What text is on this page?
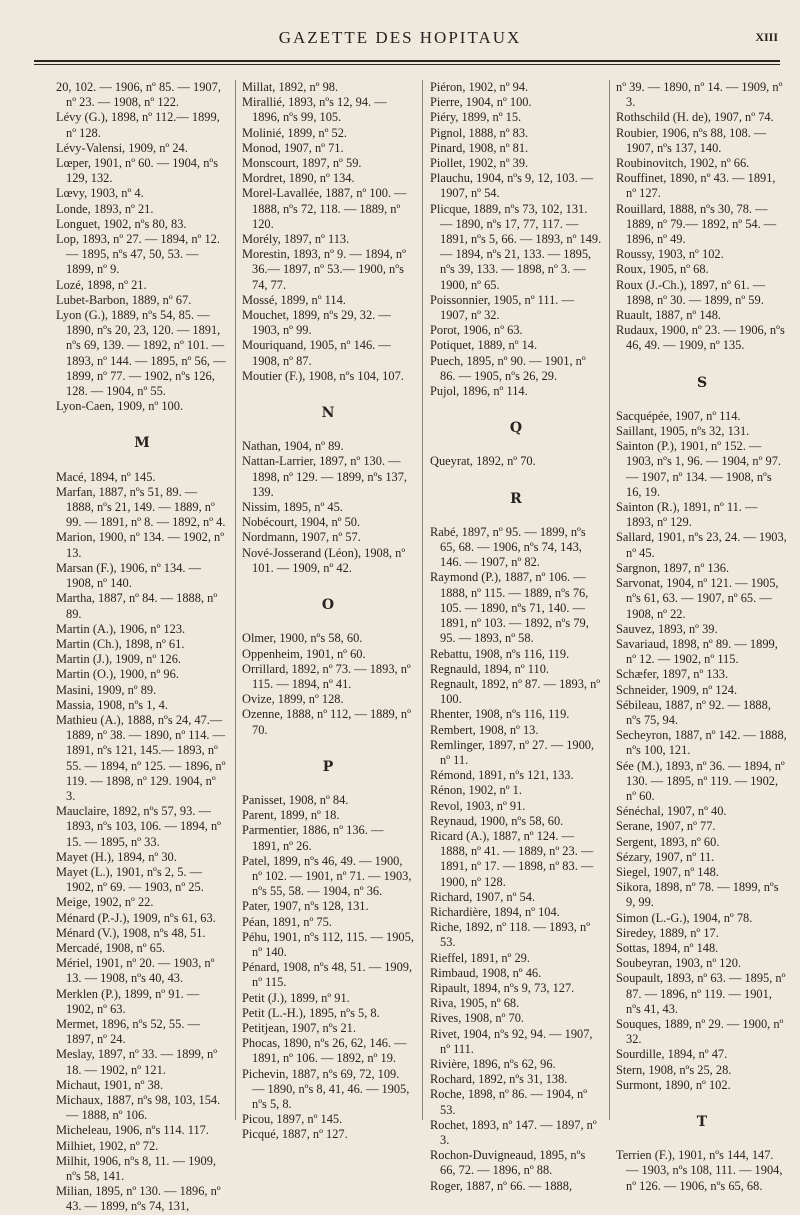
GAZETTE DES HOPITAUX	XIII

20, 102. — 1906, nº 85. — 1907, nº 23. — 1908, nº 122.

Lévy (G.), 1898, nº 112.— 1899, nº 128.

Lévy-Valensi, 1909, nº 24.

Lœper, 1901, nº 60. — 1904, nºs 129, 132.

Lœvy, 1903, nº 4.

Londe, 1893, nº 21.

Longuet, 1902, nºs 80, 83.

Lop, 1893, nº 27. — 1894, nº 12. — 1895, nºs 47, 50, 53. — 1899, nº 9.

Lozé, 1898, nº 21.

Lubet-Barbon, 1889, nº 67.

Lyon (G.), 1889, nºs 54, 85. — 1890, nºs 20, 23, 120. — 1891, nºs 69, 139. — 1892, nº 101. — 1893, nº 144. — 1895, nº 56, — 1899, nº 77. — 1902, nºs 126, 128. — 1904, nº 55.

Lyon-Caen, 1909, nº 100.

M

Macé, 1894, nº 145.

Marfan, 1887, nºs 51, 89. — 1888, nºs 21, 149. — 1889, nº 99. — 1891, nº 8. — 1892, nº 4.

Marion, 1900, nº 134. — 1902, nº 13.

Marsan (F.), 1906, nº 134. — 1908, nº 140.

Martha, 1887, nº 84. — 1888, nº 89.

Martin (A.), 1906, nº 123.

Martin (Ch.), 1898, nº 61.

Martin (J.), 1909, nº 126.

Martin (O.), 1900, nº 96.

Masini, 1909, nº 89.

Massia, 1908, nºs 1, 4.

Mathieu (A.), 1888, nºs 24, 47.— 1889, nº 38. — 1890, nº 114. — 1891, nºs 121, 145.— 1893, nº 55. — 1894, nº 125. — 1896, nº 119. — 1898, nº 129. 1904, nº 3.

Mauclaire, 1892, nºs 57, 93. — 1893, nºs 103, 106. — 1894, nº 15. — 1895, nº 33.

Mayet (H.), 1894, nº 30.

Mayet (L.), 1901, nºs 2, 5. — 1902, nº 69. — 1903, nº 25.

Meige, 1902, nº 22.

Ménard (P.-J.), 1909, nºs 61, 63.

Ménard (V.), 1908, nºs 48, 51.

Mercadé, 1908, nº 65.

Mériel, 1901, nº 20. — 1903, nº 13. — 1908, nºs 40, 43.

Merklen (P.), 1899, nº 91. — 1902, nº 63.

Mermet, 1896, nºs 52, 55. — 1897, nº 24.

Meslay, 1897, nº 33. — 1899, nº 18. — 1902, nº 121.

Michaut, 1901, nº 38.

Michaux, 1887, nºs 98, 103, 154. — 1888, nº 106.

Micheleau, 1906, nºs 114. 117.

Milhiet, 1902, nº 72.

Milhit, 1906, nºs 8, 11. — 1909, nºs 58, 141.

Milian, 1895, nº 130. — 1896, nº 43. — 1899, nºs 74, 131,

Millat, 1892, nº 98.

Mirallié, 1893, nºs 12, 94. — 1896, nºs 99, 105.

Molinié, 1899, nº 52.

Monod, 1907, nº 71.

Monscourt, 1897, nº 59.

Mordret, 1890, nº 134.

Morel-Lavallée, 1887, nº 100. — 1888, nºs 72, 118. — 1889, nº 120.

Morély, 1897, nº 113.

Morestin, 1893, nº 9. — 1894, nº 36.— 1897, nº 53.— 1900, nºs 74, 77.

Mossé, 1899, nº 114.

Mouchet, 1899, nºs 29, 32. — 1903, nº 99.

Mouriquand, 1905, nº 146. — 1908, nº 87.

Moutier (F.), 1908, nºs 104, 107.

N

Nathan, 1904, nº 89.

Nattan-Larrier, 1897, nº 130. — 1898, nº 129. — 1899, nºs 137, 139.

Nissim, 1895, nº 45.

Nobécourt, 1904, nº 50.

Nordmann, 1907, nº 57.

Nové-Josserand (Léon), 1908, nº 101. — 1909, nº 42.

O

Olmer, 1900, nºs 58, 60.

Oppenheim, 1901, nº 60.

Orrillard, 1892, nº 73. — 1893, nº 115. — 1894, nº 41.

Ovize, 1899, nº 128.

Ozenne, 1888, nº 112, — 1889, nº 70.

P

Panisset, 1908, nº 84.

Parent, 1899, nº 18.

Parmentier, 1886, nº 136. — 1891, nº 26.

Patel, 1899, nºs 46, 49. — 1900, nº 102. — 1901, nº 71. — 1903, nºs 55, 58. — 1904, nº 36.

Pater, 1907, nºs 128, 131.

Péan, 1891, nº 75.

Péhu, 1901, nºs 112, 115. — 1905, nº 140.

Pénard, 1908, nºs 48, 51. — 1909, nº 115.

Petit (J.), 1899, nº 91.

Petit (L.-H.), 1895, nºs 5, 8.

Petitjean, 1907, nºs 21.

Phocas, 1890, nºs 26, 62, 146. — 1891, nº 106. — 1892, nº 19.

Pichevin, 1887, nºs 69, 72, 109. — 1890, nºs 8, 41, 46. — 1905, nºs 5, 8.

Picou, 1897, nº 145.

Picqué, 1887, nº 127.

Piéron, 1902, nº 94.

Pierre, 1904, nº 100.

Piéry, 1899, nº 15.

Pignol, 1888, nº 83.

Pinard, 1908, nº 81.

Piollet, 1902, nº 39.

Plauchu, 1904, nºs 9, 12, 103. — 1907, nº 54.

Plicque, 1889, nºs 73, 102, 131. — 1890, nºs 17, 77, 117. — 1891, nºs 5, 66. — 1893, nº 149. — 1894, nºs 21, 133. — 1895, nºs 39, 133. — 1898, nº 3. — 1900, nº 65.

Poissonnier, 1905, nº 111. — 1907, nº 32.

Porot, 1906, nº 63.

Potiquet, 1889, nº 14.

Puech, 1895, nº 90. — 1901, nº 86. — 1905, nºs 26, 29.

Pujol, 1896, nº 114.

Q

Queyrat, 1892, nº 70.

R

Rabé, 1897, nº 95. — 1899, nºs 65, 68. — 1906, nºs 74, 143, 146. — 1907, nº 82.

Raymond (P.), 1887, nº 106. — 1888, nº 115. — 1889, nºs 76, 105. — 1890, nºs 71, 140. — 1891, nº 103. — 1892, nºs 79, 95. — 1893, nº 58.

Rebattu, 1908, nºs 116, 119.

Regnauld, 1894, nº 110.

Regnault, 1892, nº 87. — 1893, nº 100.

Rhenter, 1908, nºs 116, 119.

Rembert, 1908, nº 13.

Remlinger, 1897, nº 27. — 1900, nº 11.

Rémond, 1891, nºs 121, 133.

Rénon, 1902, nº 1.

Revol, 1903, nº 91.

Reynaud, 1900, nºs 58, 60.

Ricard (A.), 1887, nº 124. — 1888, nº 41. — 1889, nº 23. — 1891, nº 17. — 1898, nº 83. — 1900, nº 128.

Richard, 1907, nº 54.

Richardière, 1894, nº 104.

Riche, 1892, nº 118. — 1893, nº 53.

Rieffel, 1891, nº 29.

Rimbaud, 1908, nº 46.

Ripault, 1894, nºs 9, 73, 127.

Riva, 1905, nº 68.

Rives, 1908, nº 70.

Rivet, 1904, nºs 92, 94. — 1907, nº 111.

Rivière, 1896, nºs 62, 96.

Rochard, 1892, nºs 31, 138.

Roche, 1898, nº 86. — 1904, nº 53.

Rochet, 1893, nº 147. — 1897, nº 3.

Rochon-Duvigneaud, 1895, nºs 66, 72. — 1896, nº 88.

Roger, 1887, nº 66. — 1888,

nº 39. — 1890, nº 14. — 1909, nº 3.

Rothschild (H. de), 1907, nº 74.

Roubier, 1906, nºs 88, 108. — 1907, nºs 137, 140.

Roubinovitch, 1902, nº 66.

Rouffinet, 1890, nº 43. — 1891, nº 127.

Rouillard, 1888, nºs 30, 78. — 1889, nº 79.— 1892, nº 54. — 1896, nº 49.

Roussy, 1903, nº 102.

Roux, 1905, nº 68.

Roux (J.-Ch.), 1897, nº 61. — 1898, nº 30. — 1899, nº 59.

Ruault, 1887, nº 148.

Rudaux, 1900, nº 23. — 1906, nºs 46, 49. — 1909, nº 135.

S

Sacquépée, 1907, nº 114.

Saillant, 1905, nºs 32, 131.

Sainton (P.), 1901, nº 152. — 1903, nºs 1, 96. — 1904, nº 97. — 1907, nº 134. — 1908, nºs 16, 19.

Sainton (R.), 1891, nº 11. — 1893, nº 129.

Sallard, 1901, nºs 23, 24. — 1903, nº 45.

Sargnon, 1897, nº 136.

Sarvonat, 1904, nº 121. — 1905, nºs 61, 63. — 1907, nº 65. — 1908, nº 22.

Sauvez, 1893, nº 39.

Savariaud, 1898, nº 89. — 1899, nº 12. — 1902, nº 115.

Schæfer, 1897, nº 133.

Schneider, 1909, nº 124.

Sébileau, 1887, nº 92. — 1888, nºs 75, 94.

Secheyron, 1887, nº 142. — 1888, nºs 100, 121.

Sée (M.), 1893, nº 36. — 1894, nº 130. — 1895, nº 119. — 1902, nº 60.

Sénéchal, 1907, nº 40.

Serane, 1907, nº 77.

Sergent, 1893, nº 60.

Sézary, 1907, nº 11.

Siegel, 1907, nº 148.

Sikora, 1898, nº 78. — 1899, nºs 9, 99.

Simon (L.-G.), 1904, nº 78.

Siredey, 1889, nº 17.

Sottas, 1894, nº 148.

Soubeyran, 1903, nº 120.

Soupault, 1893, nº 63. — 1895, nº 87. — 1896, nº 119. — 1901, nºs 41, 43.

Souques, 1889, nº 29. — 1900, nº 32.

Sourdille, 1894, nº 47.

Stern, 1908, nºs 25, 28.

Surmont, 1890, nº 102.

T

Terrien (F.), 1901, nºs 144, 147. — 1903, nºs 108, 111. — 1904, nº 126. — 1906, nºs 65, 68.
